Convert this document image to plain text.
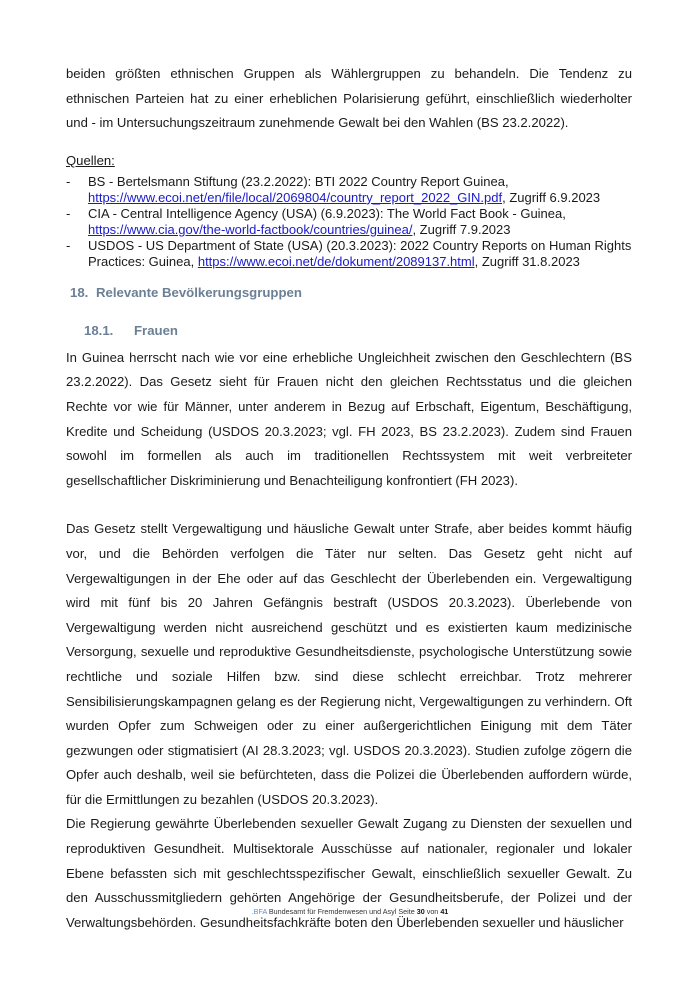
beiden größten ethnischen Gruppen als Wählergruppen zu behandeln. Die Tendenz zu ethnischen Parteien hat zu einer erheblichen Polarisierung geführt, einschließlich wiederholter und - im Untersuchungszeitraum zunehmende Gewalt bei den Wahlen (BS 23.2.2022).

Quellen:

- BS - Bertelsmann Stiftung (23.2.2022): BTI 2022 Country Report Guinea,
https://www.ecoi.net/en/file/local/2069804/country_report_2022_GIN.pdf, Zugriff 6.9.2023
- CIA - Central Intelligence Agency (USA) (6.9.2023): The World Fact Book - Guinea,
https://www.cia.gov/the-world-factbook/countries/guinea/, Zugriff 7.9.2023
- USDOS - US Department of State (USA) (20.3.2023): 2022 Country Reports on Human Rights Practices: Guinea, https://www.ecoi.net/de/dokument/2089137.html, Zugriff 31.8.2023
18. Relevante Bevölkerungsgruppen
18.1. Frauen

In Guinea herrscht nach wie vor eine erhebliche Ungleichheit zwischen den Geschlechtern (BS 23.2.2022). Das Gesetz sieht für Frauen nicht den gleichen Rechtsstatus und die gleichen Rechte vor wie für Männer, unter anderem in Bezug auf Erbschaft, Eigentum, Beschäftigung, Kredite und Scheidung (USDOS 20.3.2023; vgl. FH 2023, BS 23.2.2023). Zudem sind Frauen sowohl im formellen als auch im traditionellen Rechtssystem mit weit verbreiteter gesellschaftlicher Diskriminierung und Benachteiligung konfrontiert (FH 2023).

Das Gesetz stellt Vergewaltigung und häusliche Gewalt unter Strafe, aber beides kommt häufig vor, und die Behörden verfolgen die Täter nur selten. Das Gesetz geht nicht auf Vergewaltigungen in der Ehe oder auf das Geschlecht der Überlebenden ein. Vergewaltigung wird mit fünf bis 20 Jahren Gefängnis bestraft (USDOS 20.3.2023). Überlebende von Vergewaltigung werden nicht ausreichend geschützt und es existierten kaum medizinische Versorgung, sexuelle und reproduktive Gesundheitsdienste, psychologische Unterstützung sowie rechtliche und soziale Hilfen bzw. sind diese schlecht erreichbar. Trotz mehrerer Sensibilisierungskampagnen gelang es der Regierung nicht, Vergewaltigungen zu verhindern. Oft wurden Opfer zum Schweigen oder zu einer außergerichtlichen Einigung mit dem Täter gezwungen oder stigmatisiert (AI 28.3.2023; vgl. USDOS 20.3.2023). Studien zufolge zögern die Opfer auch deshalb, weil sie befürchteten, dass die Polizei die Überlebenden auffordern würde, für die Ermittlungen zu bezahlen (USDOS 20.3.2023).

Die Regierung gewährte Überlebenden sexueller Gewalt Zugang zu Diensten der sexuellen und reproduktiven Gesundheit. Multisektorale Ausschüsse auf nationaler, regionaler und lokaler Ebene befassten sich mit geschlechtsspezifischer Gewalt, einschließlich sexueller Gewalt. Zu den Ausschussmitgliedern gehörten Angehörige der Gesundheitsberufe, der Polizei und der Verwaltungsbehörden. Gesundheitsfachkräfte boten den Überlebenden sexueller und häuslicher

.BFA Bundesamt für Fremdenwesen und Asyl Seite 30 von 41
